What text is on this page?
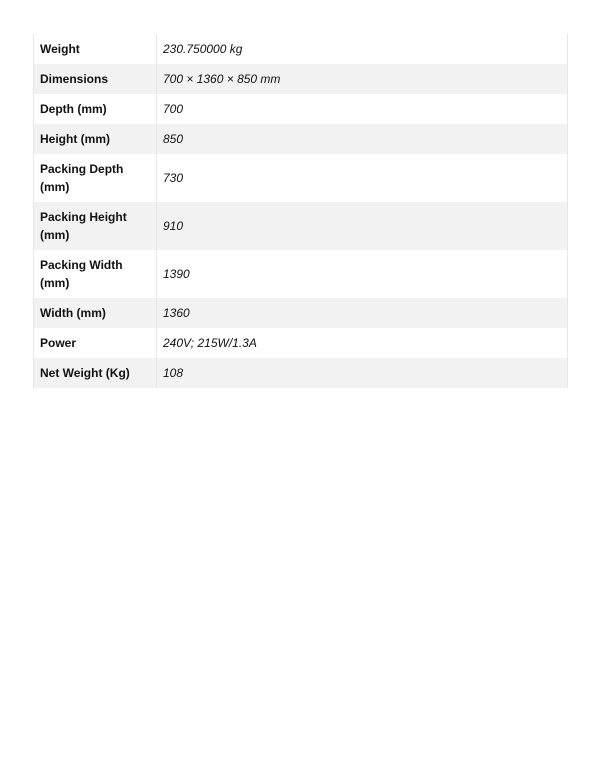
Weight	230.750000 kg
Dimensions	700 × 1360 × 850 mm
Depth (mm)	700
Height (mm)	850
Packing Depth (mm)	730
Packing Height (mm)	910
Packing Width (mm)	1390
Width (mm)	1360
Power	240V; 215W/1.3A
Net Weight (Kg)	108
